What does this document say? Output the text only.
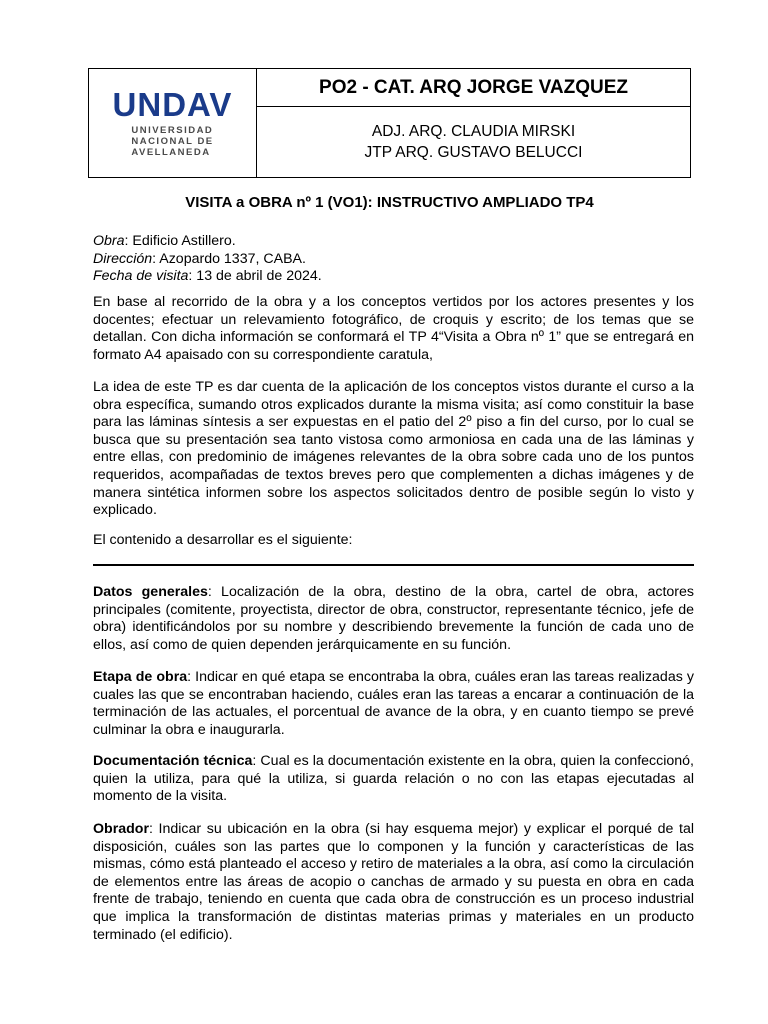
UNDAV
UNIVERSIDAD
NACIONAL DE
AVELLANEDA
PO2 - CAT. ARQ JORGE VAZQUEZ
ADJ. ARQ. CLAUDIA MIRSKI
JTP ARQ. GUSTAVO BELUCCI
VISITA a OBRA nº 1 (VO1): INSTRUCTIVO AMPLIADO TP4
Obra: Edificio Astillero.
Dirección: Azopardo 1337, CABA.
Fecha de visita: 13 de abril de 2024.

En base al recorrido de la obra y a los conceptos vertidos por los actores presentes y los docentes; efectuar un relevamiento fotográfico, de croquis y escrito; de los temas que se detallan. Con dicha información se conformará el TP 4“Visita a Obra nº 1” que se entregará en formato A4 apaisado con su correspondiente caratula,

La idea de este TP es dar cuenta de la aplicación de los conceptos vistos durante el curso a la obra específica, sumando otros explicados durante la misma visita; así como constituir la base para las láminas síntesis a ser expuestas en el patio del 2º piso a fin del curso, por lo cual se busca que su presentación sea tanto vistosa como armoniosa en cada una de las láminas y entre ellas, con predominio de imágenes relevantes de la obra sobre cada uno de los puntos requeridos, acompañadas de textos breves pero que complementen a dichas imágenes y de manera sintética informen sobre los aspectos solicitados dentro de posible según lo visto y explicado.

El contenido a desarrollar es el siguiente:

Datos generales: Localización de la obra, destino de la obra, cartel de obra, actores principales (comitente, proyectista, director de obra, constructor, representante técnico, jefe de obra) identificándolos por su nombre y describiendo brevemente la función de cada uno de ellos, así como de quien dependen jerárquicamente en su función.

Etapa de obra: Indicar en qué etapa se encontraba la obra, cuáles eran las tareas realizadas y cuales las que se encontraban haciendo, cuáles eran las tareas a encarar a continuación de la terminación de las actuales, el porcentual de avance de la obra, y en cuanto tiempo se prevé culminar la obra e inaugurarla.

Documentación técnica: Cual es la documentación existente en la obra, quien la confeccionó, quien la utiliza, para qué la utiliza, si guarda relación o no con las etapas ejecutadas al momento de la visita.

Obrador: Indicar su ubicación en la obra (si hay esquema mejor) y explicar el porqué de tal disposición, cuáles son las partes que lo componen y la función y características de las mismas, cómo está planteado el acceso y retiro de materiales a la obra, así como la circulación de elementos entre las áreas de acopio o canchas de armado y su puesta en obra en cada frente de trabajo, teniendo en cuenta que cada obra de construcción es un proceso industrial que implica la transformación de distintas materias primas y materiales en un producto terminado (el edificio).
